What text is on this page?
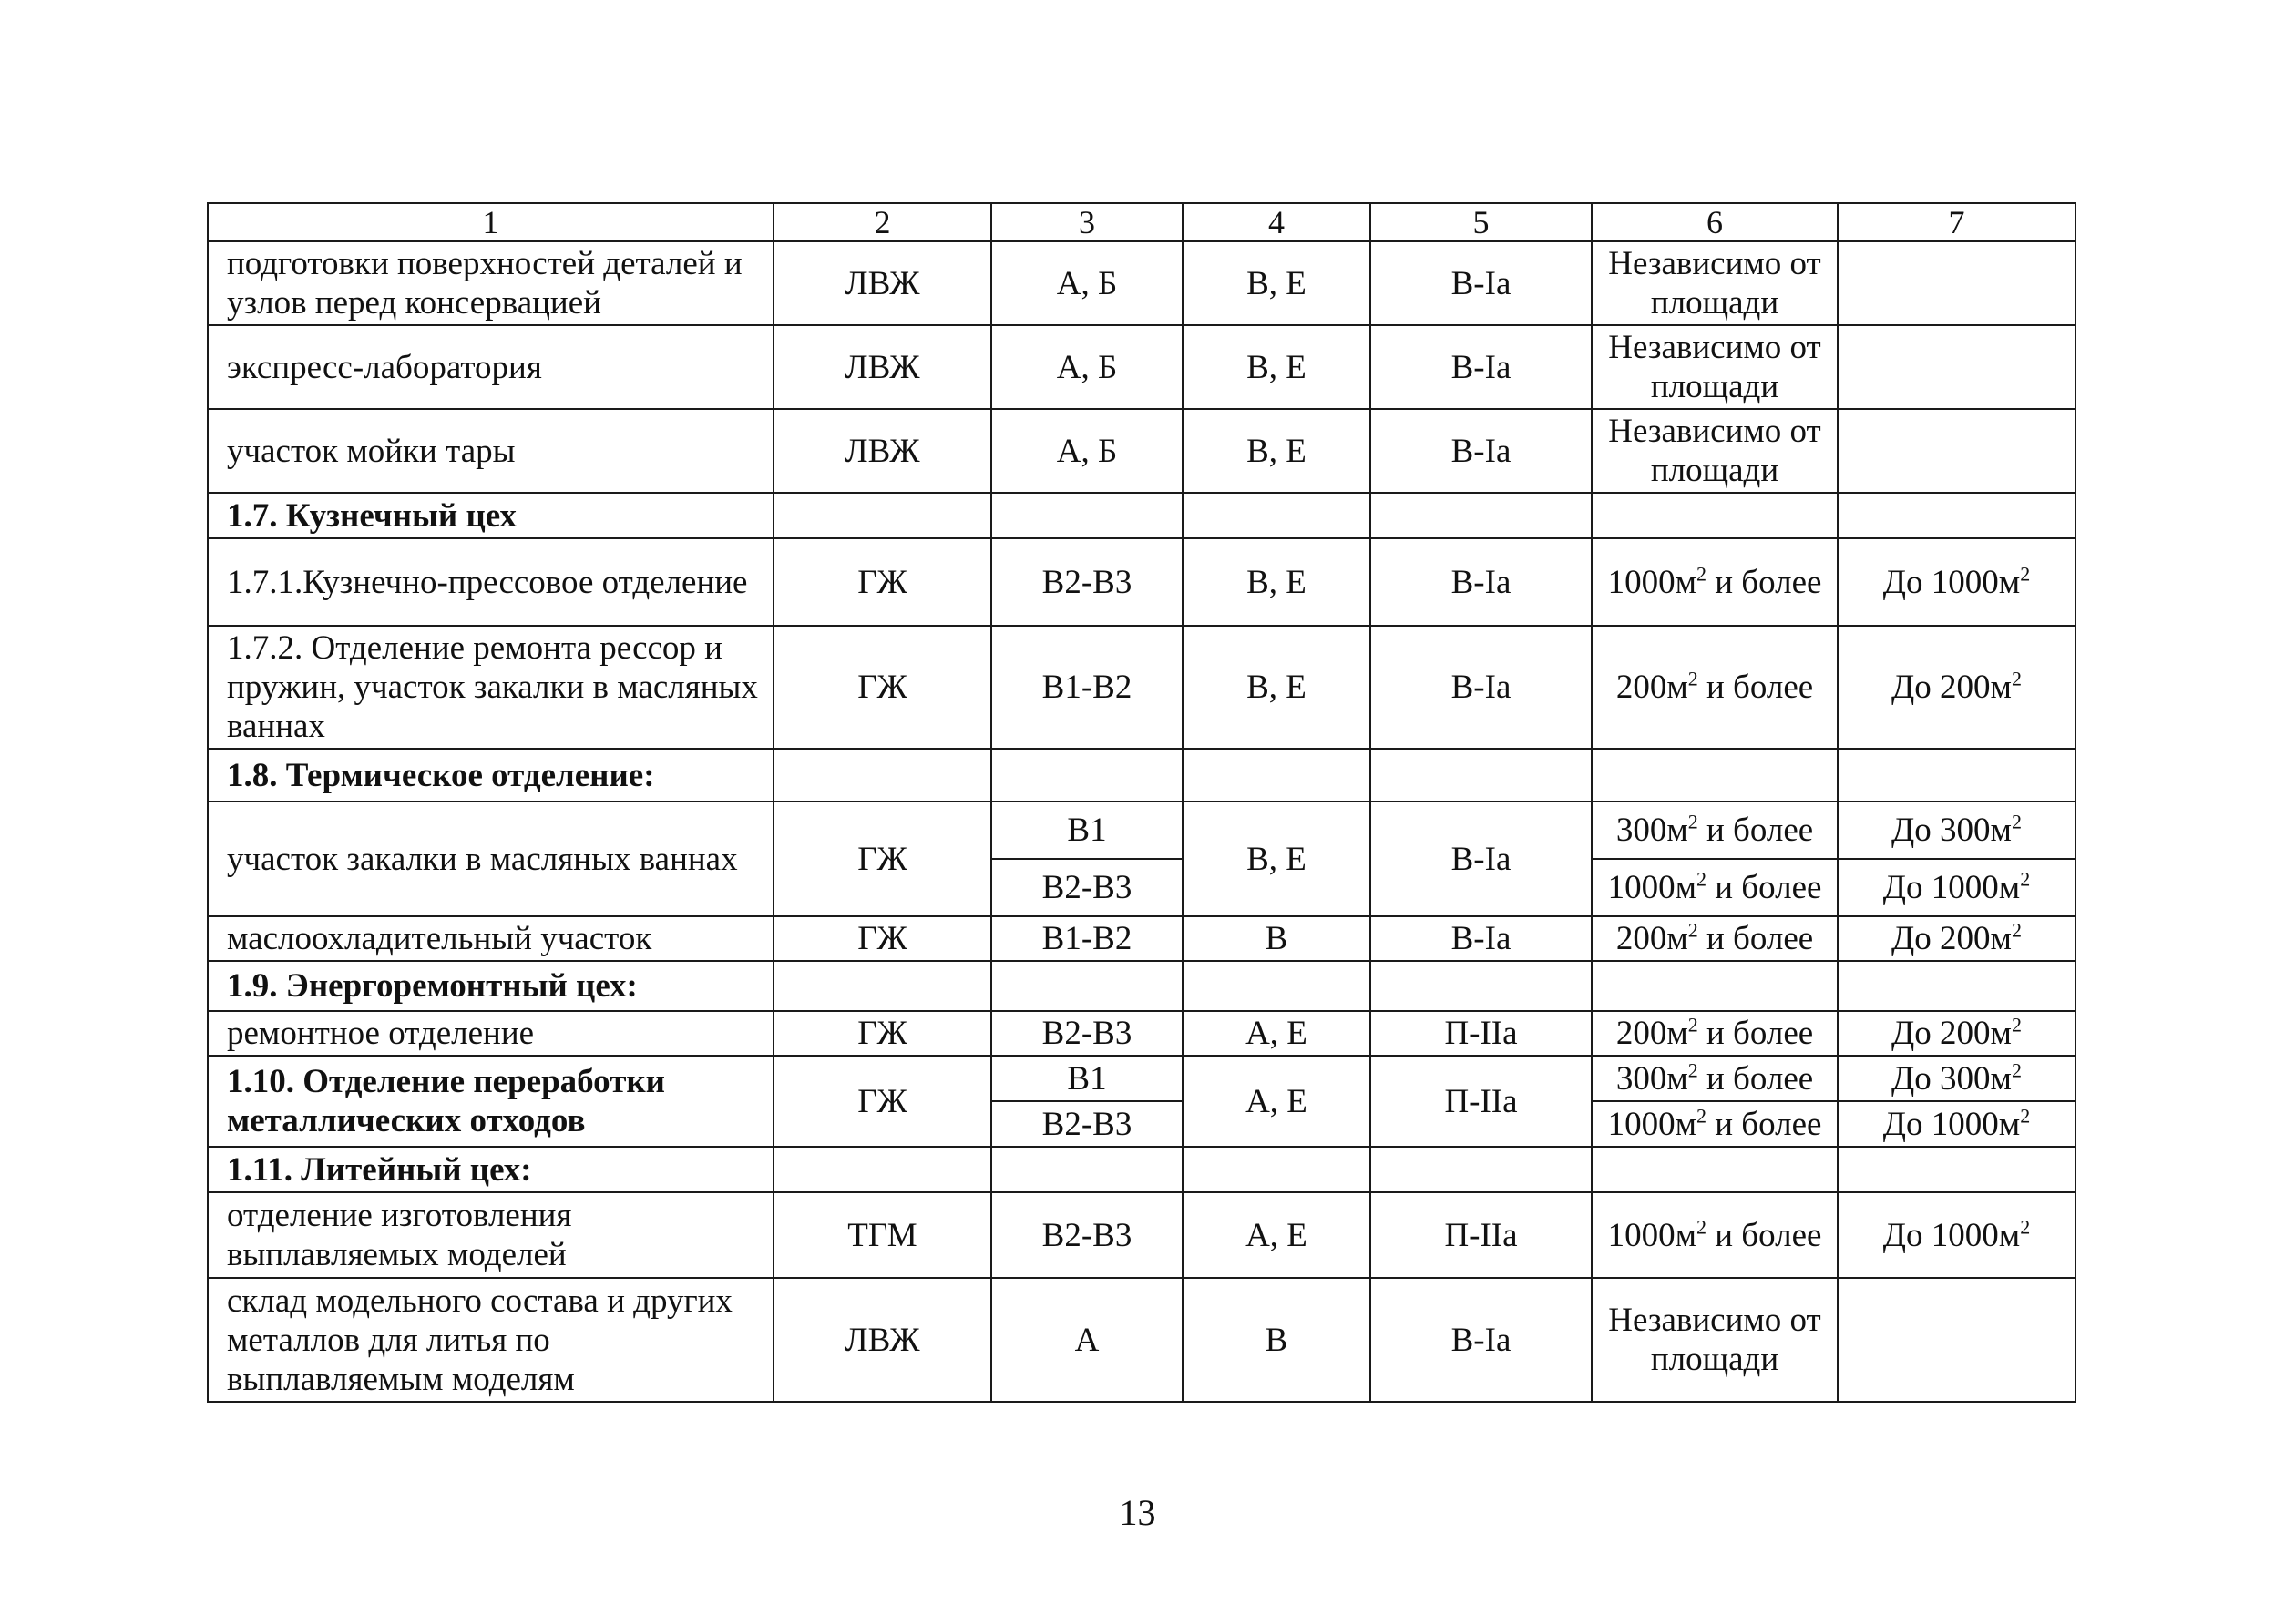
1	2	3	4	5	6	7
подготовки поверхностей деталей и узлов перед консервацией	ЛВЖ	А, Б	В, Е	В-Iа	Независимо от площади	
экспресс-лаборатория	ЛВЖ	А, Б	В, Е	В-Iа	Независимо от площади	
участок мойки тары	ЛВЖ	А, Б	В, Е	В-Iа	Независимо от площади	
1.7. Кузнечный цех						
1.7.1.Кузнечно-прессовое отделение	ГЖ	В2-В3	В, Е	В-Iа	$1000м^2$ и более	До $1000м^2$
1.7.2. Отделение ремонта рессор и пружин, участок закалки в масляных ваннах	ГЖ	В1-В2	В, Е	В-Iа	$200м^2$ и более	До $200м^2$
1.8. Термическое отделение:						
участок закалки в масляных ваннах	ГЖ	В1	В, Е	В-Iа	$300м^2$ и более	До $300м^2$
		В2-В3			$1000м^2$ и более	До $1000м^2$
маслоохладительный участок	ГЖ	В1-В2	В	В-Iа	$200м^2$ и более	До $200м^2$
1.9. Энергоремонтный цех:						
ремонтное отделение	ГЖ	В2-В3	А, Е	П-IIа	$200м^2$ и более	До $200м^2$
1.10. Отделение переработки металлических отходов	ГЖ	В1	А, Е	П-IIа	$300м^2$ и более	До $300м^2$
		В2-В3			$1000м^2$ и более	До $1000м^2$
1.11. Литейный цех:						
отделение изготовления выплавляемых моделей	ТГМ	В2-В3	А, Е	П-IIа	$1000м^2$ и более	До $1000м^2$
склад модельного состава и других металлов для литья по выплавляемым моделям	ЛВЖ	А	В	В-Iа	Независимо от площади	
13
